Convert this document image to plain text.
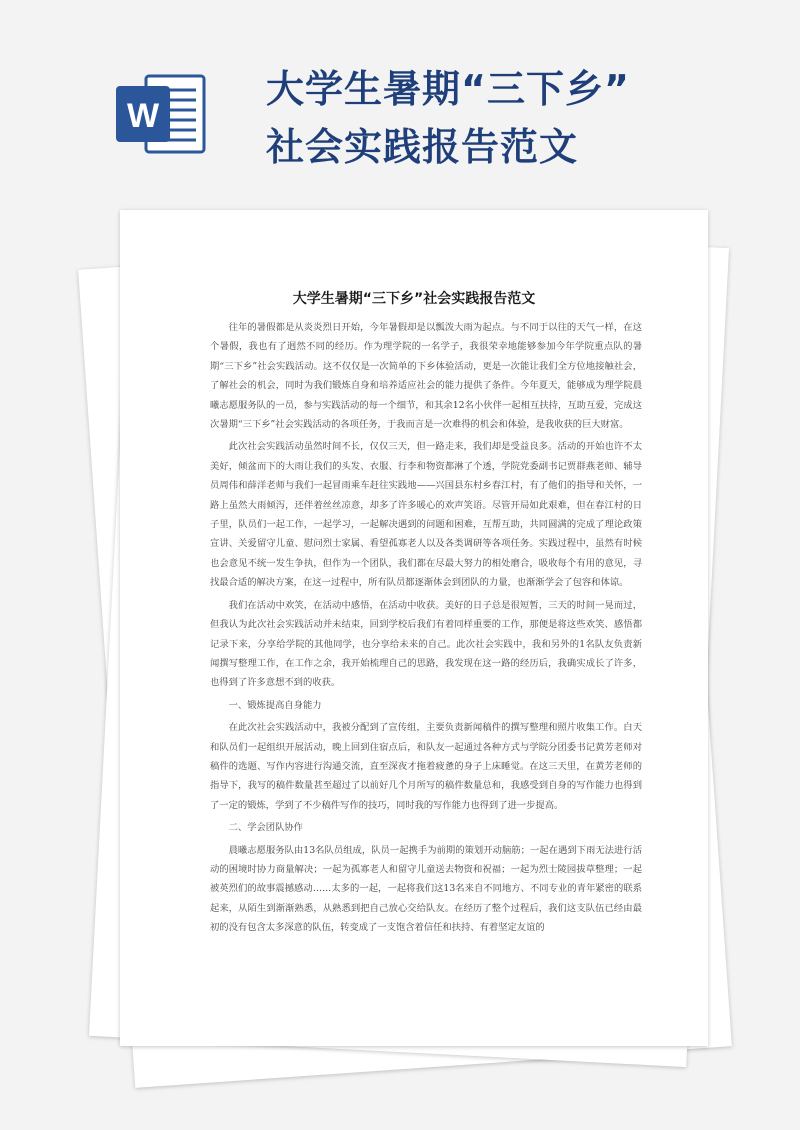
W
大学生暑期“三下乡”
社会实践报告范文
大学生暑期“三下乡”社会实践报告范文

往年的暑假都是从炎炎烈日开始，今年暑假却是以瓢泼大雨为起点。与不同于以往的天气一样，在这个暑假，我也有了迥然不同的经历。作为理学院的一名学子，我很荣幸地能够参加今年学院重点队的暑期“三下乡”社会实践活动。这不仅仅是一次简单的下乡体验活动，更是一次能让我们全方位地接触社会，了解社会的机会，同时为我们锻炼自身和培养适应社会的能力提供了条件。今年夏天，能够成为理学院晨曦志愿服务队的一员，参与实践活动的每一个细节，和其余12名小伙伴一起相互扶持，互助互爱，完成这次暑期“三下乡”社会实践活动的各项任务，于我而言是一次难得的机会和体验，是我收获的巨大财富。

此次社会实践活动虽然时间不长，仅仅三天，但一路走来，我们却是受益良多。活动的开始也许不太美好，倾盆而下的大雨让我们的头发、衣服、行李和物资都淋了个透，学院党委副书记贾群燕老师、辅导员周伟和薛洋老师与我们一起冒雨乘车赶往实践地——兴国县东村乡春江村，有了他们的指导和关怀，一路上虽然大雨倾泻，还伴着丝丝凉意，却多了许多暖心的欢声笑语。尽管开局如此艰难，但在春江村的日子里，队员们一起工作，一起学习，一起解决遇到的问题和困难，互帮互助，共同圆满的完成了理论政策宣讲、关爱留守儿童、慰问烈士家属、看望孤寡老人以及各类调研等各项任务。实践过程中，虽然有时候也会意见不统一发生争执，但作为一个团队，我们都在尽最大努力的相处磨合，吸收每个有用的意见，寻找最合适的解决方案，在这一过程中，所有队员都逐渐体会到团队的力量，也渐渐学会了包容和体谅。

我们在活动中欢笑，在活动中感悟，在活动中收获。美好的日子总是很短暂，三天的时间一晃而过，但我认为此次社会实践活动并未结束，回到学校后我们有着同样重要的工作，那便是将这些欢笑、感悟都记录下来，分享给学院的其他同学，也分享给未来的自己。此次社会实践中，我和另外的1名队友负责新闻撰写整理工作，在工作之余，我开始梳理自己的思路，我发现在这一路的经历后，我确实成长了许多，也得到了许多意想不到的收获。

一、锻炼提高自身能力

在此次社会实践活动中，我被分配到了宣传组，主要负责新闻稿件的撰写整理和照片收集工作。白天和队员们一起组织开展活动，晚上回到住宿点后，和队友一起通过各种方式与学院分团委书记黄芳老师对稿件的选题、写作内容进行沟通交流，直至深夜才拖着疲惫的身子上床睡觉。在这三天里，在黄芳老师的指导下，我写的稿件数量甚至超过了以前好几个月所写的稿件数量总和，我感受到自身的写作能力也得到了一定的锻炼，学到了不少稿件写作的技巧，同时我的写作能力也得到了进一步提高。

二、学会团队协作

晨曦志愿服务队由13名队员组成，队员一起携手为前期的策划开动脑筋；一起在遇到下雨无法进行活动的困境时协力商量解决；一起为孤寡老人和留守儿童送去物资和祝福；一起为烈士陵园拔草整理；一起被英烈们的故事震撼感动……太多的一起，一起将我们这13名来自不同地方、不同专业的青年紧密的联系起来，从陌生到渐渐熟悉，从熟悉到把自己放心交给队友。在经历了整个过程后，我们这支队伍已经由最初的没有包含太多深意的队伍，转变成了一支饱含着信任和扶持、有着坚定友谊的
